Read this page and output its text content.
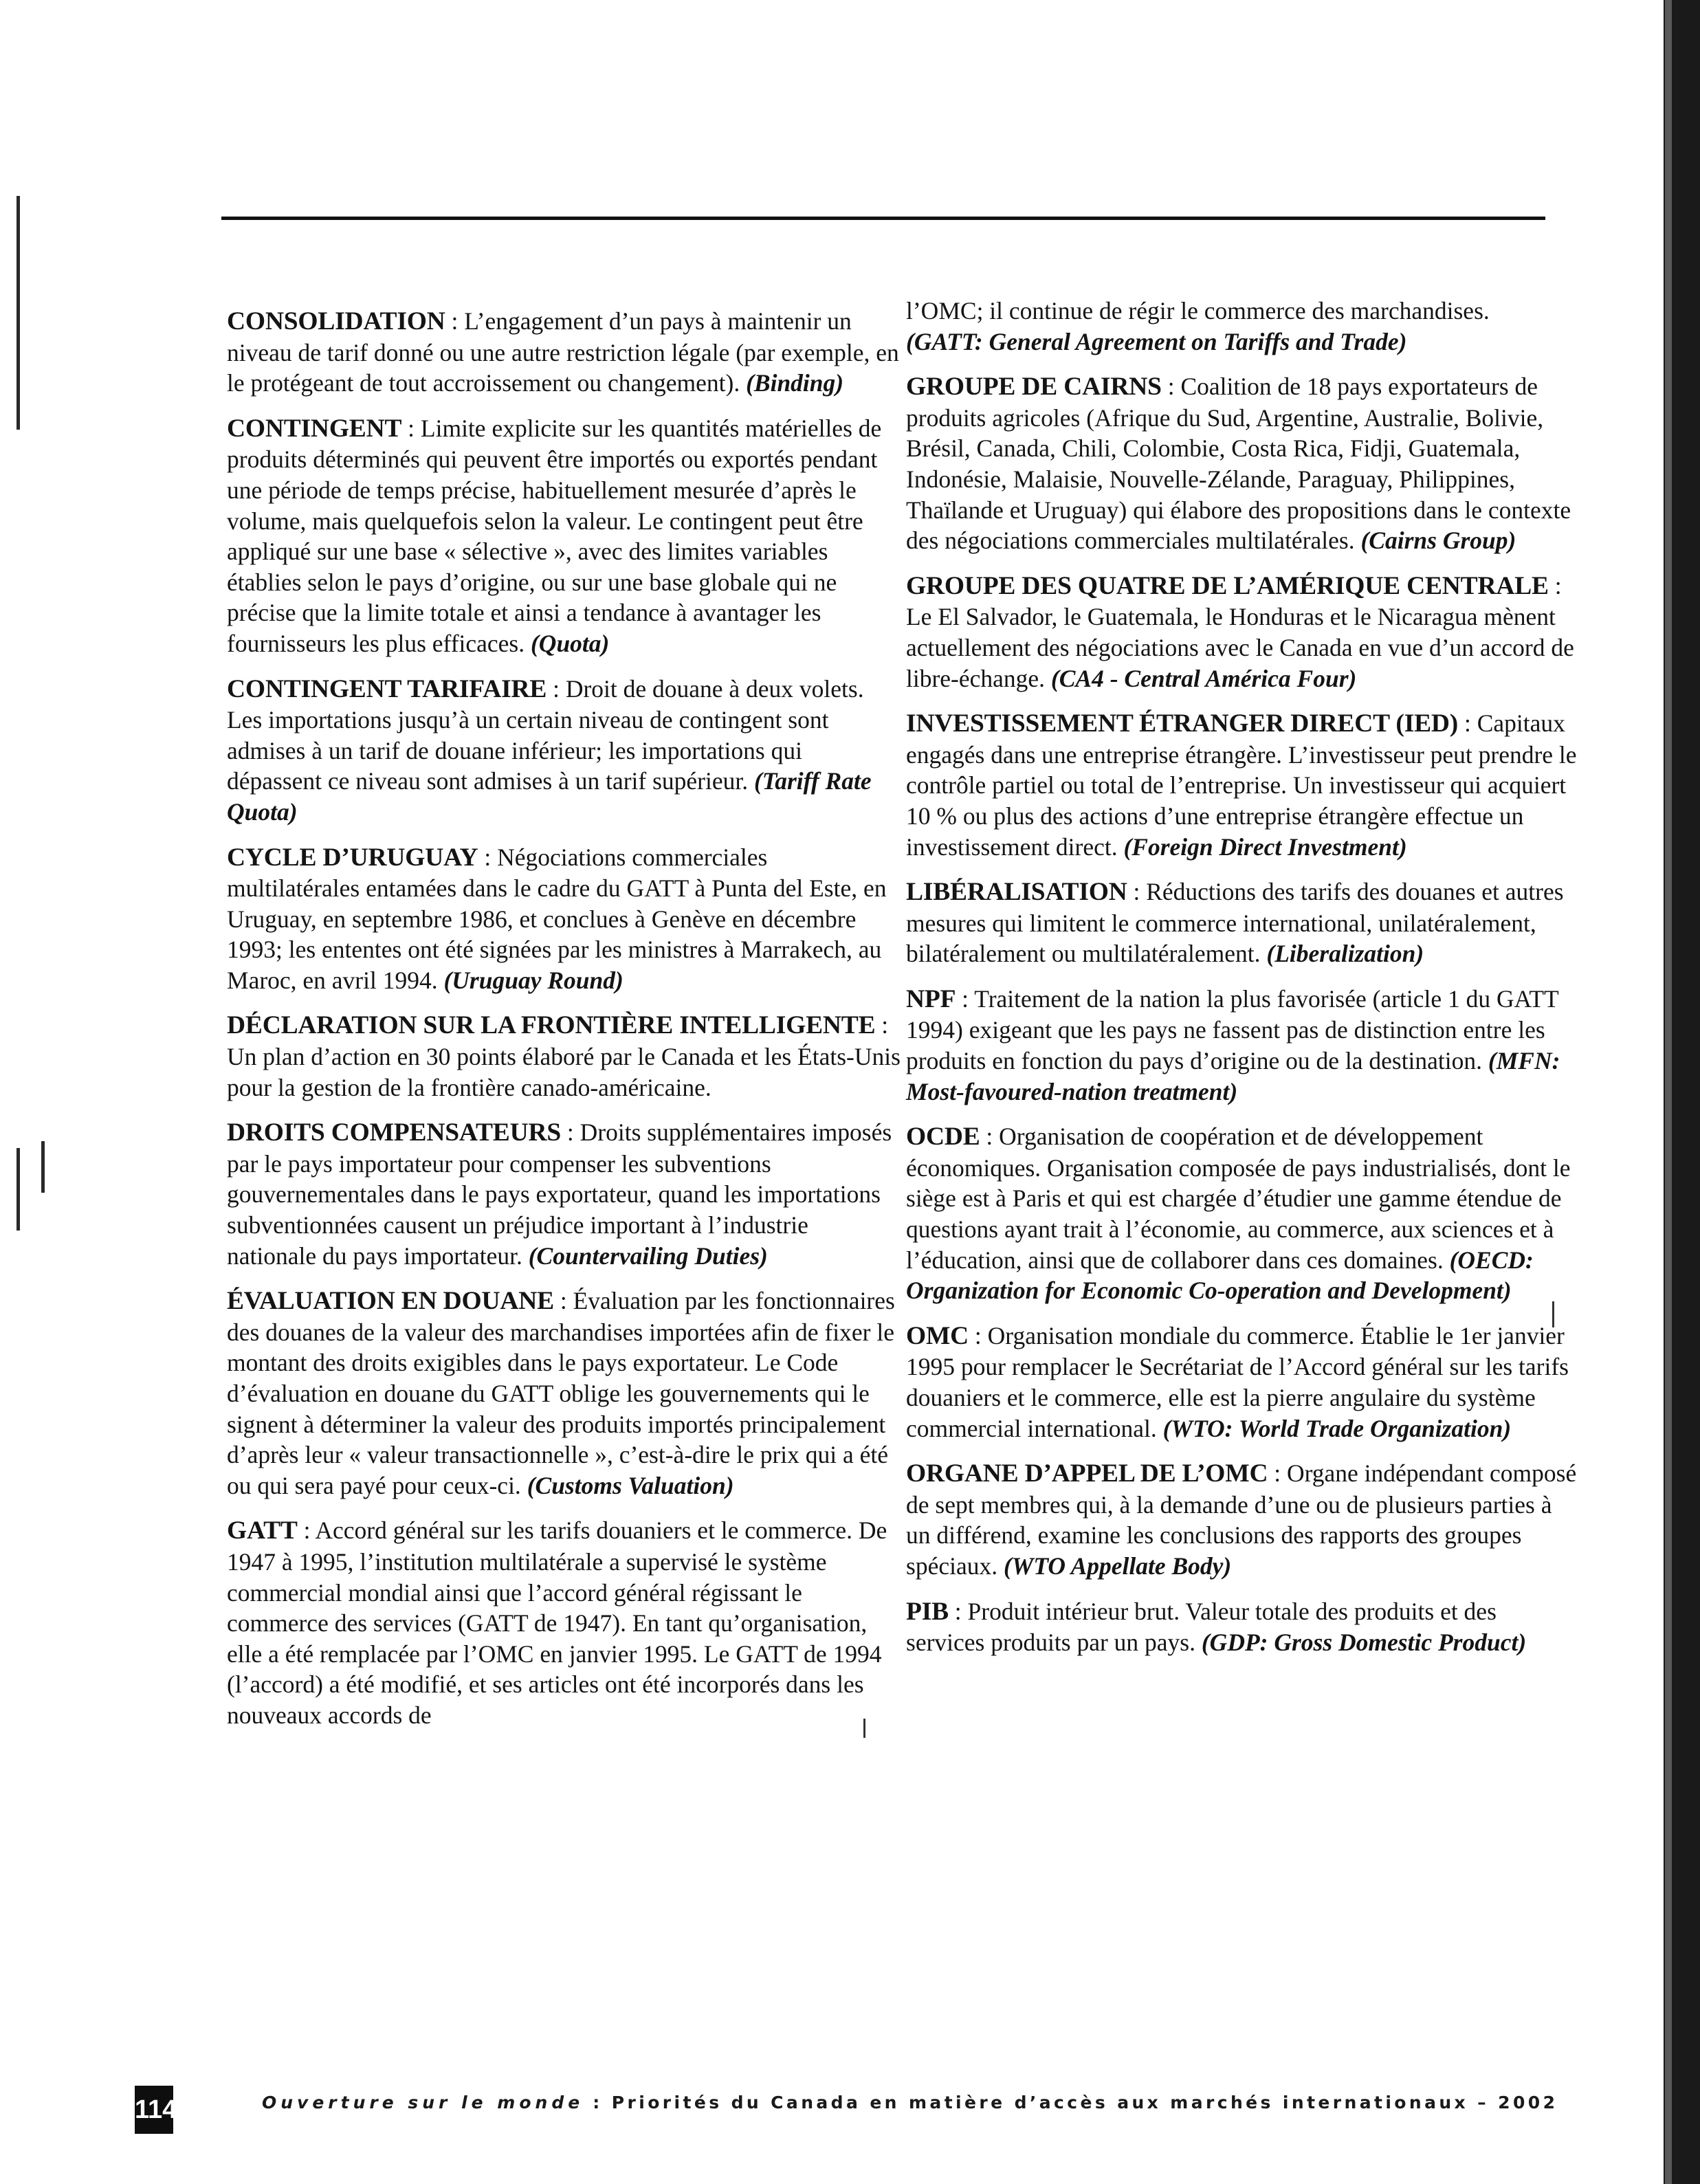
CONSOLIDATION : L’engagement d’un pays à maintenir un niveau de tarif donné ou une autre restriction légale (par exemple, en le protégeant de tout accroissement ou changement). (Binding)

CONTINGENT : Limite explicite sur les quantités matérielles de produits déterminés qui peuvent être importés ou exportés pendant une période de temps précise, habituellement mesurée d’après le volume, mais quelquefois selon la valeur. Le contingent peut être appliqué sur une base « sélective », avec des limites variables établies selon le pays d’origine, ou sur une base globale qui ne précise que la limite totale et ainsi a tendance à avantager les fournisseurs les plus efficaces. (Quota)

CONTINGENT TARIFAIRE : Droit de douane à deux volets. Les importations jusqu’à un certain niveau de contingent sont admises à un tarif de douane inférieur; les importations qui dépassent ce niveau sont admises à un tarif supérieur. (Tariff Rate Quota)

CYCLE D’URUGUAY : Négociations commerciales multilatérales entamées dans le cadre du GATT à Punta del Este, en Uruguay, en septembre 1986, et conclues à Genève en décembre 1993; les ententes ont été signées par les ministres à Marrakech, au Maroc, en avril 1994. (Uruguay Round)

DÉCLARATION SUR LA FRONTIÈRE INTELLIGENTE : Un plan d’action en 30 points élaboré par le Canada et les États-Unis pour la gestion de la frontière canado-américaine.

DROITS COMPENSATEURS : Droits supplémentaires imposés par le pays importateur pour compenser les subventions gouvernementales dans le pays exportateur, quand les importations subventionnées causent un préjudice important à l’industrie nationale du pays importateur. (Countervailing Duties)

ÉVALUATION EN DOUANE : Évaluation par les fonctionnaires des douanes de la valeur des marchandises importées afin de fixer le montant des droits exigibles dans le pays exportateur. Le Code d’évaluation en douane du GATT oblige les gouvernements qui le signent à déterminer la valeur des produits importés principalement d’après leur « valeur transactionnelle », c’est-à-dire le prix qui a été ou qui sera payé pour ceux-ci. (Customs Valuation)

GATT : Accord général sur les tarifs douaniers et le commerce. De 1947 à 1995, l’institution multilatérale a supervisé le système commercial mondial ainsi que l’accord général régissant le commerce des services (GATT de 1947). En tant qu’organisation, elle a été remplacée par l’OMC en janvier 1995. Le GATT de 1994 (l’accord) a été modifié, et ses articles ont été incorporés dans les nouveaux accords de

l’OMC; il continue de régir le commerce des marchandises.
(GATT: General Agreement on Tariffs and Trade)

GROUPE DE CAIRNS : Coalition de 18 pays exportateurs de produits agricoles (Afrique du Sud, Argentine, Australie, Bolivie, Brésil, Canada, Chili, Colombie, Costa Rica, Fidji, Guatemala, Indonésie, Malaisie, Nouvelle-Zélande, Paraguay, Philippines, Thaïlande et Uruguay) qui élabore des propositions dans le contexte des négociations commerciales multilatérales. (Cairns Group)

GROUPE DES QUATRE DE L’AMÉRIQUE CENTRALE : Le El Salvador, le Guatemala, le Honduras et le Nicaragua mènent actuellement des négociations avec le Canada en vue d’un accord de libre-échange. (CA4 - Central América Four)

INVESTISSEMENT ÉTRANGER DIRECT (IED) : Capitaux engagés dans une entreprise étrangère. L’investisseur peut prendre le contrôle partiel ou total de l’entreprise. Un investisseur qui acquiert 10 % ou plus des actions d’une entreprise étrangère effectue un investissement direct. (Foreign Direct Investment)

LIBÉRALISATION : Réductions des tarifs des douanes et autres mesures qui limitent le commerce international, unilatéralement, bilatéralement ou multilatéralement. (Liberalization)

NPF : Traitement de la nation la plus favorisée (article 1 du GATT 1994) exigeant que les pays ne fassent pas de distinction entre les produits en fonction du pays d’origine ou de la destination. (MFN: Most-favoured-nation treatment)

OCDE : Organisation de coopération et de développement économiques. Organisation composée de pays industrialisés, dont le siège est à Paris et qui est chargée d’étudier une gamme étendue de questions ayant trait à l’économie, au commerce, aux sciences et à l’éducation, ainsi que de collaborer dans ces domaines. (OECD: Organization for Economic Co-operation and Development)

OMC : Organisation mondiale du commerce. Établie le 1er janvier 1995 pour remplacer le Secrétariat de l’Accord général sur les tarifs douaniers et le commerce, elle est la pierre angulaire du système commercial international. (WTO: World Trade Organization)

ORGANE D’APPEL DE L’OMC : Organe indépendant composé de sept membres qui, à la demande d’une ou de plusieurs parties à un différend, examine les conclusions des rapports des groupes spéciaux. (WTO Appellate Body)

PIB : Produit intérieur brut. Valeur totale des produits et des services produits par un pays. (GDP: Gross Domestic Product)

114	Ouverture sur le monde : Priorités du Canada en matière d’accès aux marchés internationaux – 2002
